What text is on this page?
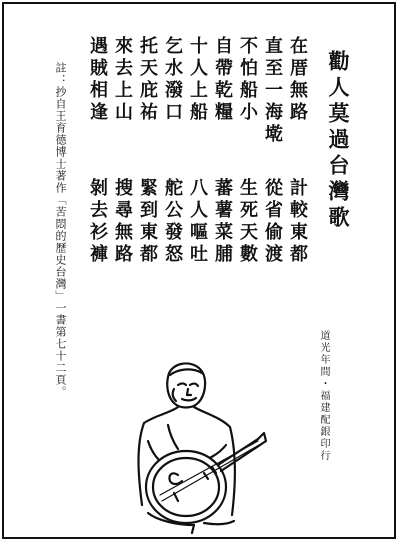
勸人莫過台灣歌
在厝無路
直至一海墘
不怕船小
自帶乾糧
十人上船
乞水潑口
托天庇祐
來去上山
遇賊相逢
計較東都
從省偷渡
生死天數
蕃薯菜脯
八人嘔吐
舵公發怒
緊到東都
搜尋無路
剝去衫褲
道光年間・福建配銀印行
註：抄自王育德博士著作「苦悶的歷史台灣」一書第七十二頁。
